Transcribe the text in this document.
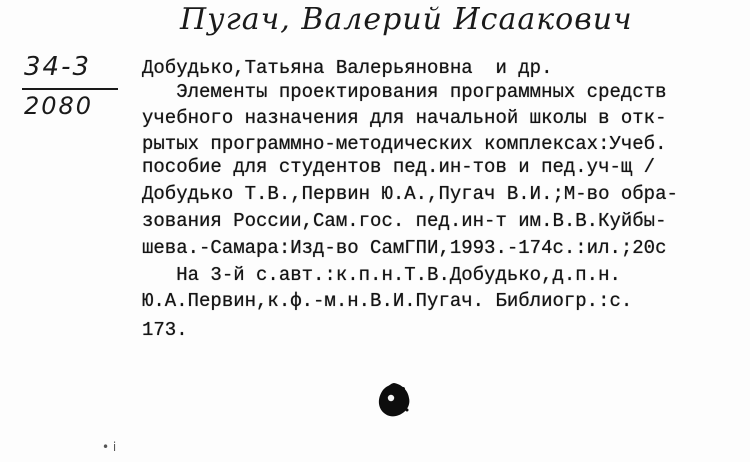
Пугач, Валерий Исаакович
34-3
2080
Добудько,Татьяна Валерьяновна  и др.
Элементы проектирования программных средств
учебного назначения для начальной школы в отк-
рытых программно-методических комплексах:Учеб.
пособие для студентов пед.ин-тов и пед.уч-щ /
Добудько Т.В.,Первин Ю.А.,Пугач В.И.;М-во обра-
зования России,Сам.гос. пед.ин-т им.В.В.Куйбы-
шева.-Самара:Изд-во СамГПИ,1993.-174с.:ил.;20с
На 3-й с.авт.:к.п.н.Т.В.Добудько,д.п.н.
Ю.А.Первин,к.ф.-м.н.В.И.Пугач. Библиогр.:с.
173.
• i
